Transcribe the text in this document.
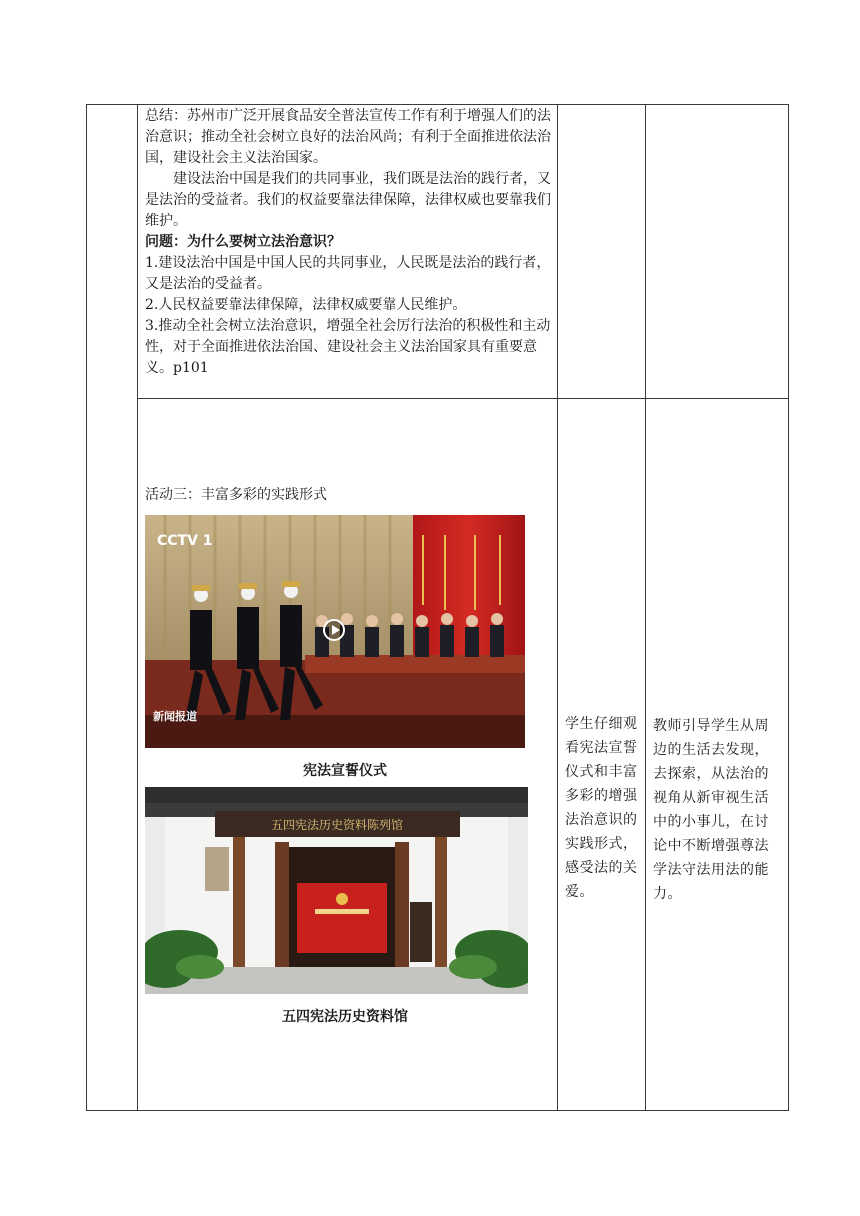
总结：苏州市广泛开展食品安全普法宣传工作有利于增强人们的法治意识；推动全社会树立良好的法治风尚；有利于全面推进依法治国，建设社会主义法治国家。

建设法治中国是我们的共同事业，我们既是法治的践行者，又是法治的受益者。我们的权益要靠法律保障，法律权威也要靠我们维护。

问题：为什么要树立法治意识？

1.建设法治中国是中国人民的共同事业，人民既是法治的践行者，又是法治的受益者。

2.人民权益要靠法律保障，法律权威要靠人民维护。

3.推动全社会树立法治意识，增强全社会厉行法治的积极性和主动性，对于全面推进依法治国、建设社会主义法治国家具有重要意义。p101

活动三：丰富多彩的实践形式
CCTV 1
新闻报道
宪法宣誓仪式
五四宪法历史资料陈列馆
五四宪法历史资料馆
学生仔细观看宪法宣誓仪式和丰富多彩的增强法治意识的实践形式，感受法的关爱。
教师引导学生从周边的生活去发现，去探索，从法治的视角从新审视生活中的小事儿，在讨论中不断增强尊法学法守法用法的能力。
